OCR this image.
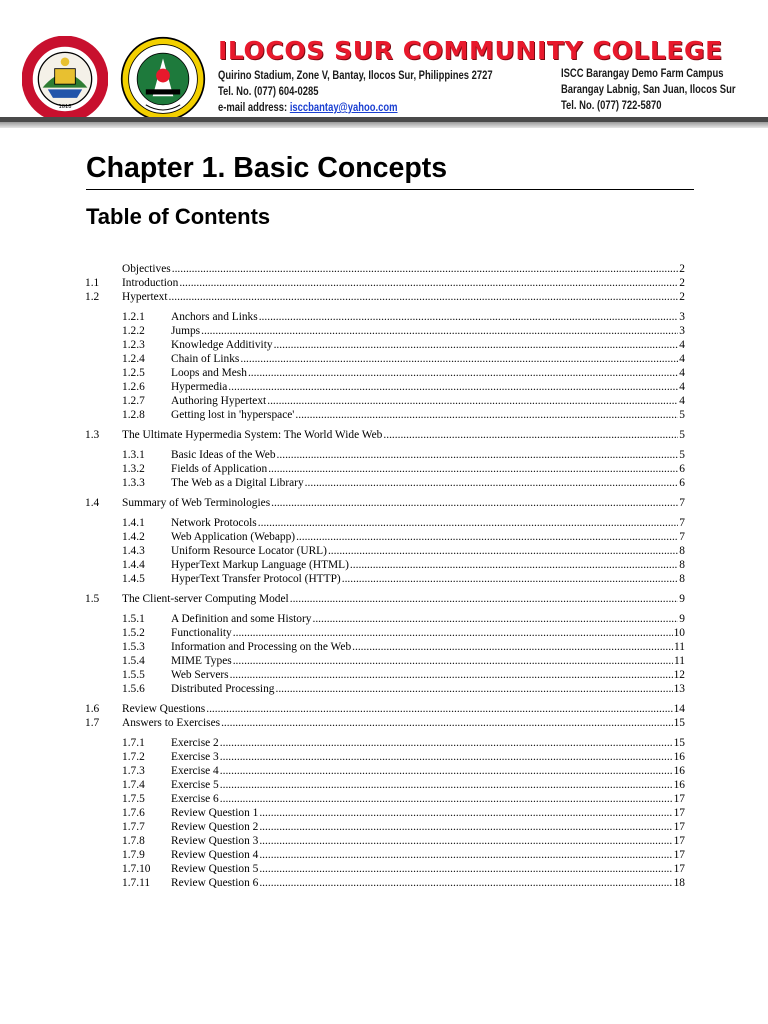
1818
ILOCOS SUR COMMUNITY COLLEGE
Quirino Stadium, Zone V, Bantay, Ilocos Sur, Philippines 2727
Tel. No. (077) 604-0285
e-mail address: isccbantay@yahoo.com
ISCC Barangay Demo Farm Campus
Barangay Labnig, San Juan, Ilocos Sur
Tel. No. (077) 722-5870
Chapter 1. Basic Concepts
Table of Contents
Objectives .....	2
1.1	Introduction .....	2
1.2	Hypertext .....	2
1.2.1	Anchors and Links .....	3
1.2.2	Jumps .....	3
1.2.3	Knowledge Additivity .....	4
1.2.4	Chain of Links .....	4
1.2.5	Loops and Mesh .....	4
1.2.6	Hypermedia .....	4
1.2.7	Authoring Hypertext .....	4
1.2.8	Getting lost in 'hyperspace' .....	5
1.3	The Ultimate Hypermedia System: The World Wide Web .....	5
1.3.1	Basic Ideas of the Web .....	5
1.3.2	Fields of Application .....	6
1.3.3	The Web as a Digital Library .....	6
1.4	Summary of Web Terminologies .....	7
1.4.1	Network Protocols .....	7
1.4.2	Web Application (Webapp) .....	7
1.4.3	Uniform Resource Locator (URL) .....	8
1.4.4	HyperText Markup Language (HTML) .....	8
1.4.5	HyperText Transfer Protocol (HTTP) .....	8
1.5	The Client-server Computing Model .....	9
1.5.1	A Definition and some History .....	9
1.5.2	Functionality .....	10
1.5.3	Information and Processing on the Web .....	11
1.5.4	MIME Types .....	11
1.5.5	Web Servers .....	12
1.5.6	Distributed Processing .....	13
1.6	Review Questions .....	14
1.7	Answers to Exercises .....	15
1.7.1	Exercise 2 .....	15
1.7.2	Exercise 3 .....	16
1.7.3	Exercise 4 .....	16
1.7.4	Exercise 5 .....	16
1.7.5	Exercise 6 .....	17
1.7.6	Review Question 1 .....	17
1.7.7	Review Question 2 .....	17
1.7.8	Review Question 3 .....	17
1.7.9	Review Question 4 .....	17
1.7.10	Review Question 5 .....	17
1.7.11	Review Question 6 .....	18
